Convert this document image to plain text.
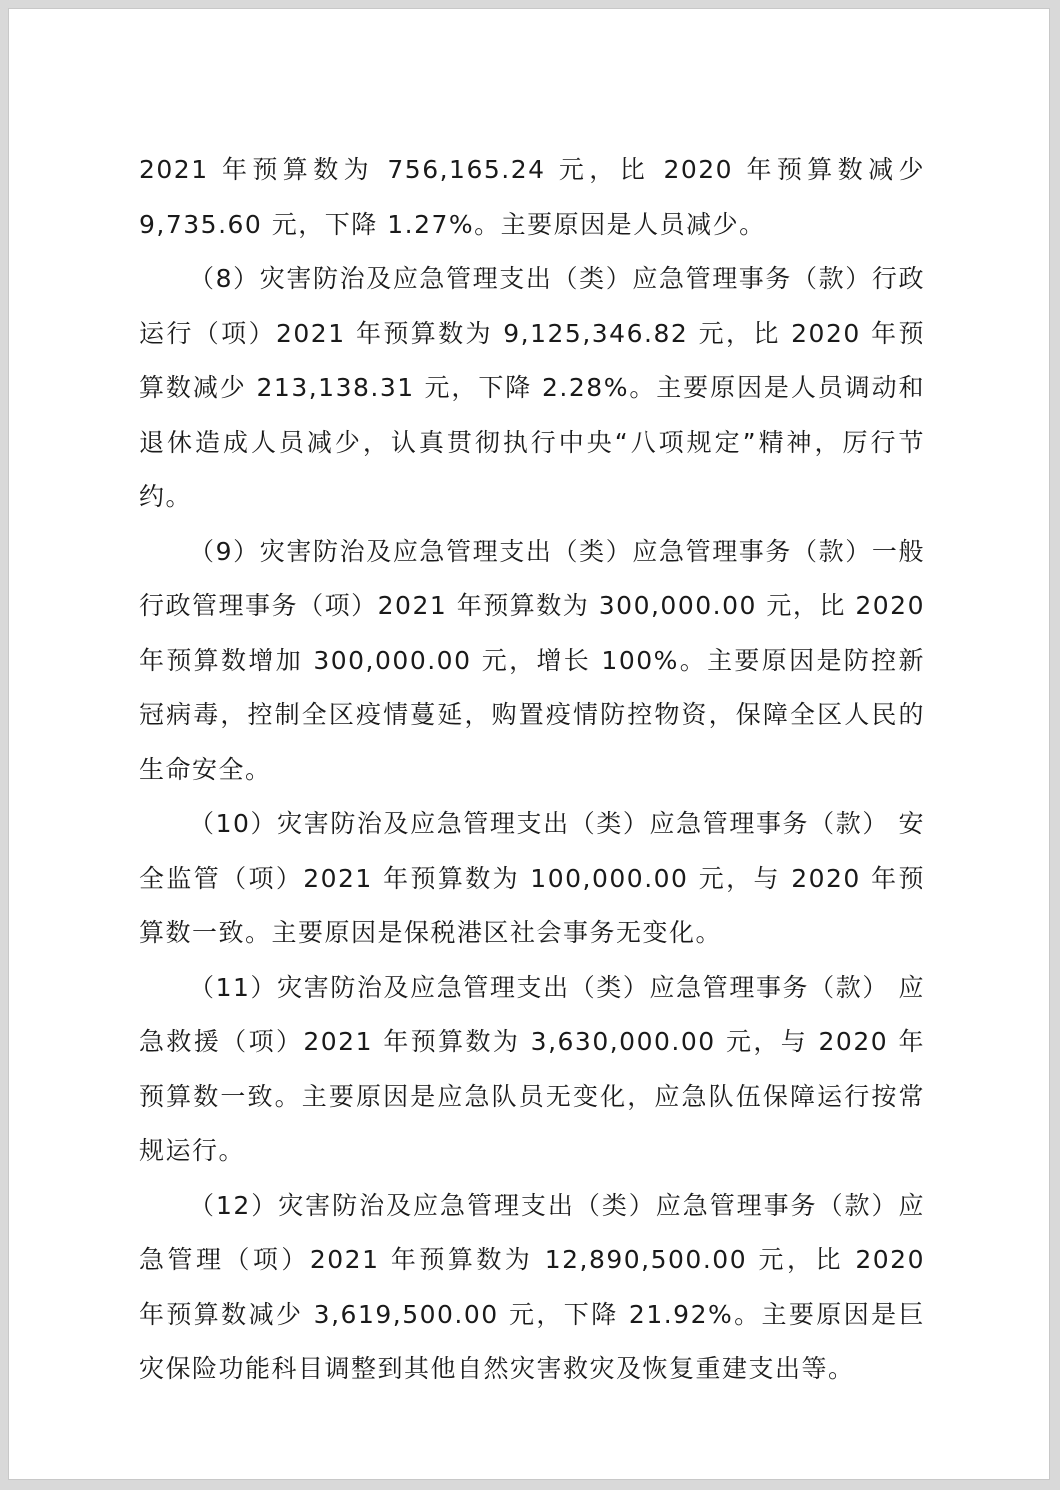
2021 年预算数为 756,165.24 元，比 2020 年预算数减少 9,735.60 元，下降 1.27%。主要原因是人员减少。

（8）灾害防治及应急管理支出（类）应急管理事务（款）行政运行（项）2021 年预算数为 9,125,346.82 元，比 2020 年预算数减少 213,138.31 元，下降 2.28%。主要原因是人员调动和退休造成人员减少，认真贯彻执行中央“八项规定”精神，厉行节约。

（9）灾害防治及应急管理支出（类）应急管理事务（款）一般行政管理事务（项）2021 年预算数为 300,000.00 元，比 2020 年预算数增加 300,000.00 元，增长 100%。主要原因是防控新冠病毒，控制全区疫情蔓延，购置疫情防控物资，保障全区人民的生命安全。

（10）灾害防治及应急管理支出（类）应急管理事务（款） 安全监管（项）2021 年预算数为 100,000.00 元，与 2020 年预算数一致。主要原因是保税港区社会事务无变化。

（11）灾害防治及应急管理支出（类）应急管理事务（款） 应急救援（项）2021 年预算数为 3,630,000.00 元，与 2020 年预算数一致。主要原因是应急队员无变化，应急队伍保障运行按常规运行。

（12）灾害防治及应急管理支出（类）应急管理事务（款）应急管理（项）2021 年预算数为 12,890,500.00 元，比 2020 年预算数减少 3,619,500.00 元，下降 21.92%。主要原因是巨灾保险功能科目调整到其他自然灾害救灾及恢复重建支出等。
